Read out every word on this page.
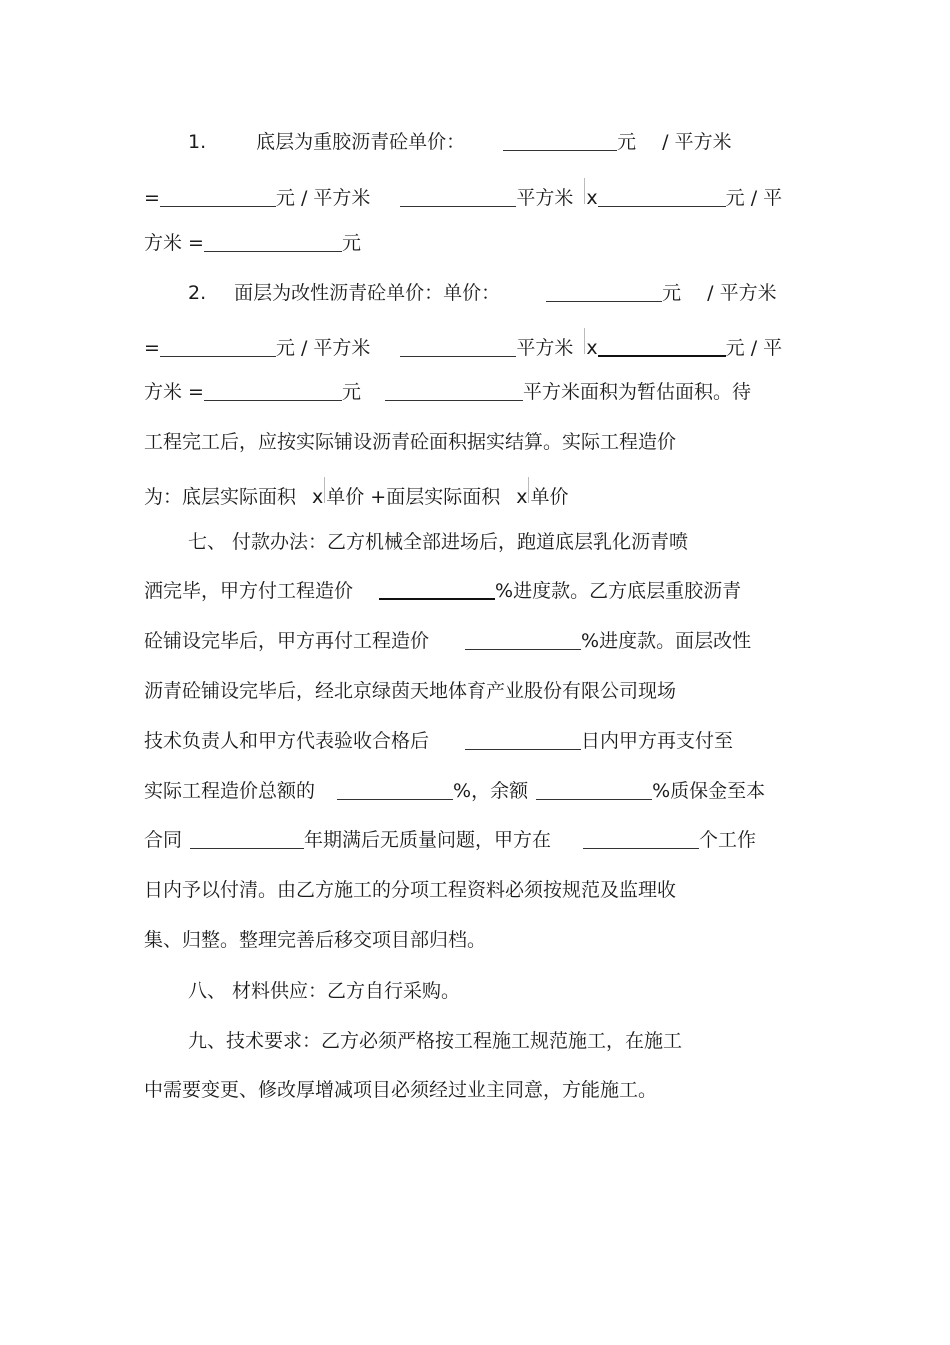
1.	底层为重胶沥青砼单价：	元 / 平方米
=	元 / 平方米	平方米 x	元 / 平
方米 =	元
2. 面层为改性沥青砼单价：单价：	元 / 平方米
=	元 / 平方米	平方米 x	元 / 平
方米 =	元	平方米面积为暂估面积。待
工程完工后，应按实际铺设沥青砼面积据实结算。实际工程造价
为：底层实际面积 x 单价 +面层实际面积 x 单价
七、 付款办法：乙方机械全部进场后，跑道底层乳化沥青喷
洒完毕，甲方付工程造价	%进度款。乙方底层重胶沥青
砼铺设完毕后，甲方再付工程造价	%进度款。面层改性
沥青砼铺设完毕后，经北京绿茵天地体育产业股份有限公司现场
技术负责人和甲方代表验收合格后	日内甲方再支付至
实际工程造价总额的	%，余额	%质保金至本
合同	年期满后无质量问题，甲方在	个工作
日内予以付清。由乙方施工的分项工程资料必须按规范及监理收
集、归整。整理完善后移交项目部归档。
八、 材料供应：乙方自行采购。
九、技术要求：乙方必须严格按工程施工规范施工，在施工
中需要变更、修改厚增减项目必须经过业主同意，方能施工。
